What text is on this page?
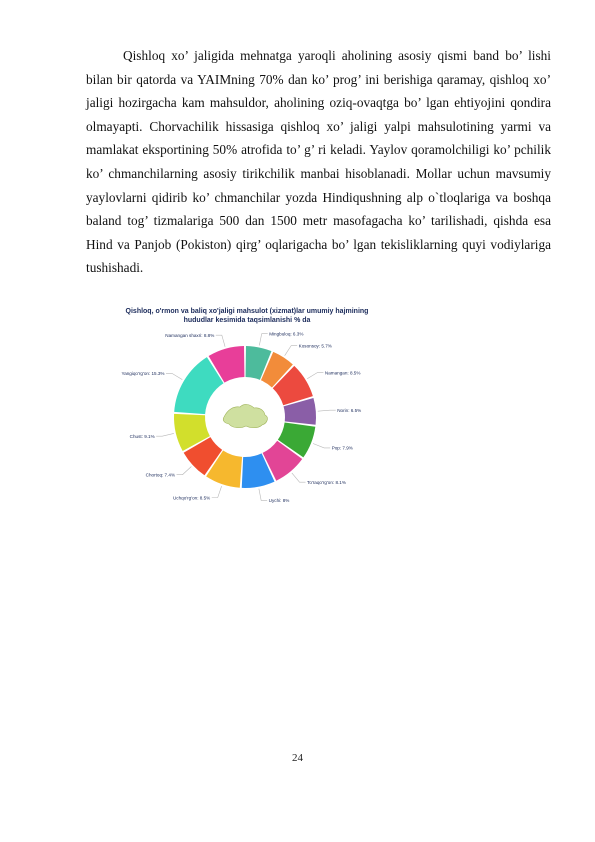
Qishloq xo’ jaligida mehnatga yaroqli aholining asosiy qismi band bo’ lishi bilan bir qatorda va YAIMning 70% dan ko’ prog’ ini berishiga qaramay, qishloq xo’ jaligi hozirgacha kam mahsuldor, aholining oziq-ovaqtga bo’ lgan ehtiyojini qondira olmayapti. Chorvachilik hissasiga qishloq xo’ jaligi yalpi mahsulotining yarmi va mamlakat eksportining 50% atrofida to’ g’ ri keladi. Yaylov qoramolchiligi ko’ pchilik ko’ chmanchilarning asosiy tirikchilik manbai hisoblanadi. Mollar uchun mavsumiy yaylovlarni qidirib ko’ chmanchilar yozda Hindiqushning alp o`tloqlariga va boshqa baland tog’ tizmalariga 500 dan 1500 metr masofagacha ko’ tarilishadi, qishda esa Hind va Panjob (Pokiston) qirg’ oqlarigacha bo’ lgan tekisliklarning quyi vodiylariga tushishadi.

Qishloq, o'rmon va baliq xo'jaligi mahsulot (xizmat)lar umumiy hajmining hududlar kesimida taqsimlanishi % da
Mingbuloq: 6.3%
Kosonsoy: 5.7%
Namangan: 8.5%
Norin: 6.5%
Pop: 7.9%
To'raqo'rg'on: 8.1%
Uychi: 8%
Uchqo'rg'on: 8.5%
Chortoq: 7.4%
Chust: 9.1%
Yangiqo'rg'on: 15.3%
Namangan shaxri: 8.8%
24
